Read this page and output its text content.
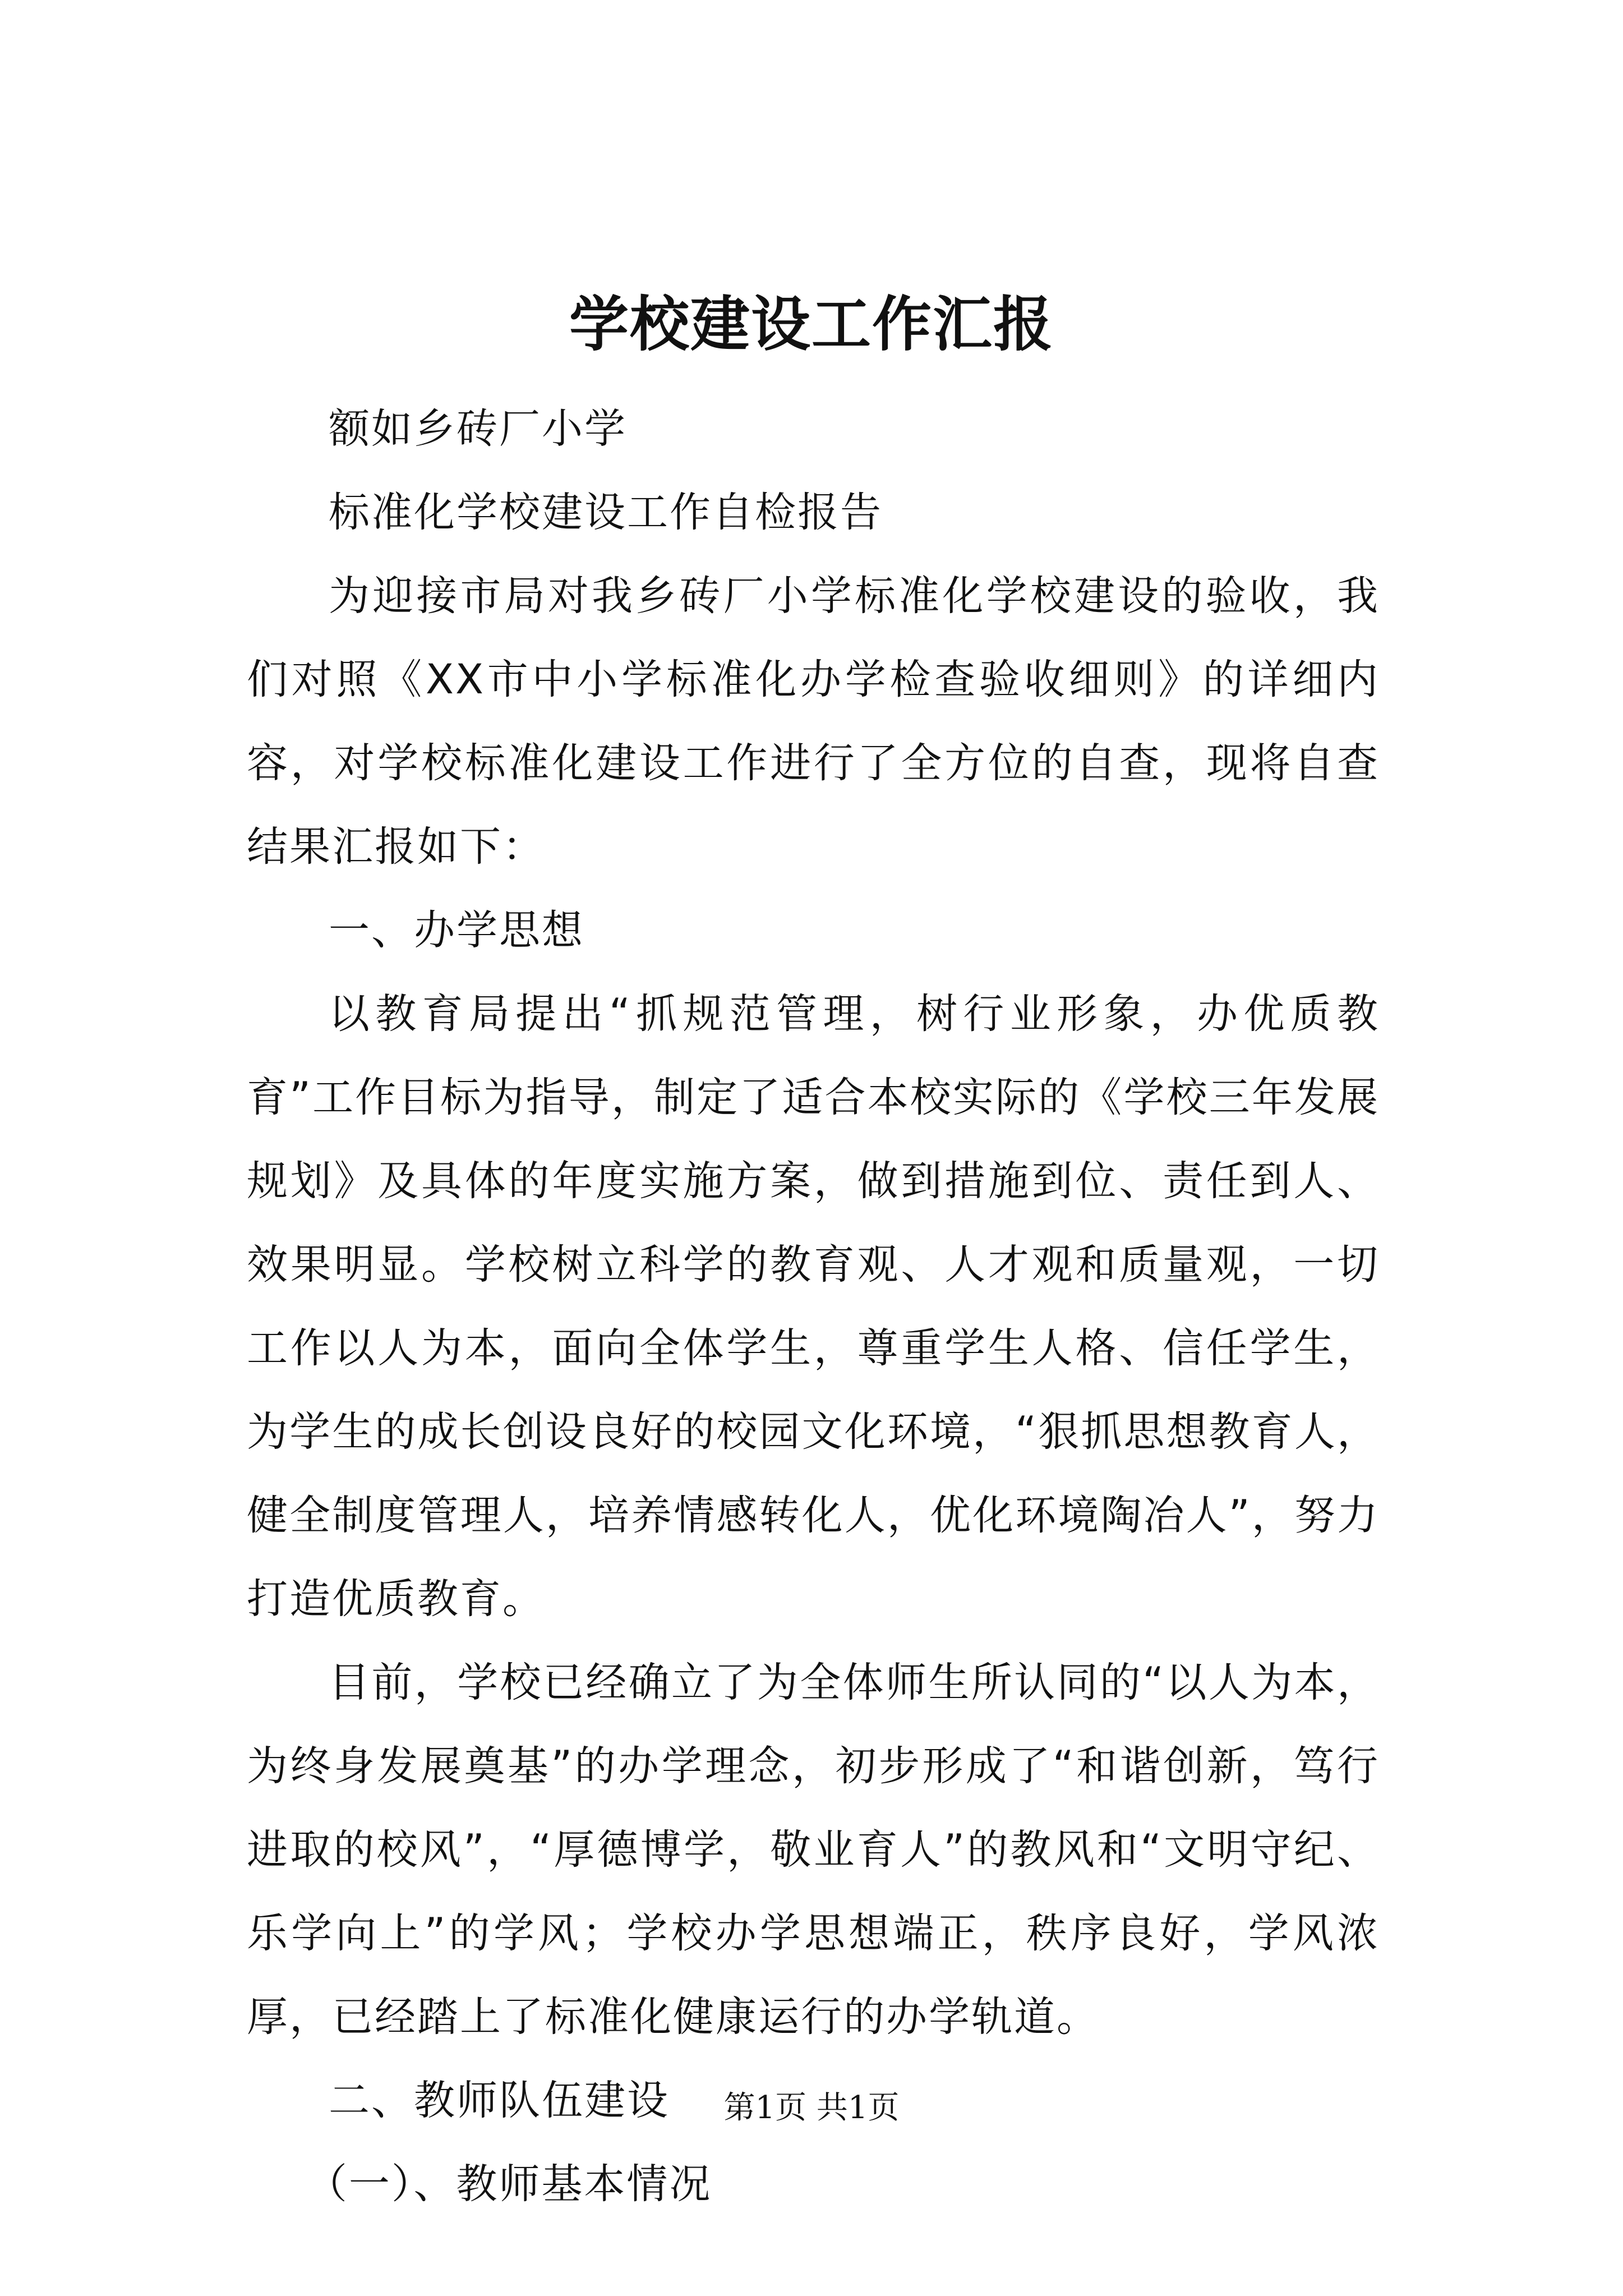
学校建设工作汇报

额如乡砖厂小学

标准化学校建设工作自检报告

为迎接市局对我乡砖厂小学标准化学校建设的验收，我们对照《XX市中小学标准化办学检查验收细则》的详细内容，对学校标准化建设工作进行了全方位的自查，现将自查结果汇报如下：

一、办学思想

以教育局提出“抓规范管理，树行业形象，办优质教育”工作目标为指导，制定了适合本校实际的《学校三年发展规划》及具体的年度实施方案，做到措施到位、责任到人、效果明显。学校树立科学的教育观、人才观和质量观，一切工作以人为本，面向全体学生，尊重学生人格、信任学生，为学生的成长创设良好的校园文化环境，“狠抓思想教育人，健全制度管理人，培养情感转化人，优化环境陶冶人”，努力打造优质教育。

目前，学校已经确立了为全体师生所认同的“以人为本，为终身发展奠基”的办学理念，初步形成了“和谐创新，笃行进取的校风”，“厚德博学，敬业育人”的教风和“文明守纪、乐学向上”的学风；学校办学思想端正，秩序良好，学风浓厚，已经踏上了标准化健康运行的办学轨道。

二、教师队伍建设

（一）、教师基本情况

第1页 共1页
